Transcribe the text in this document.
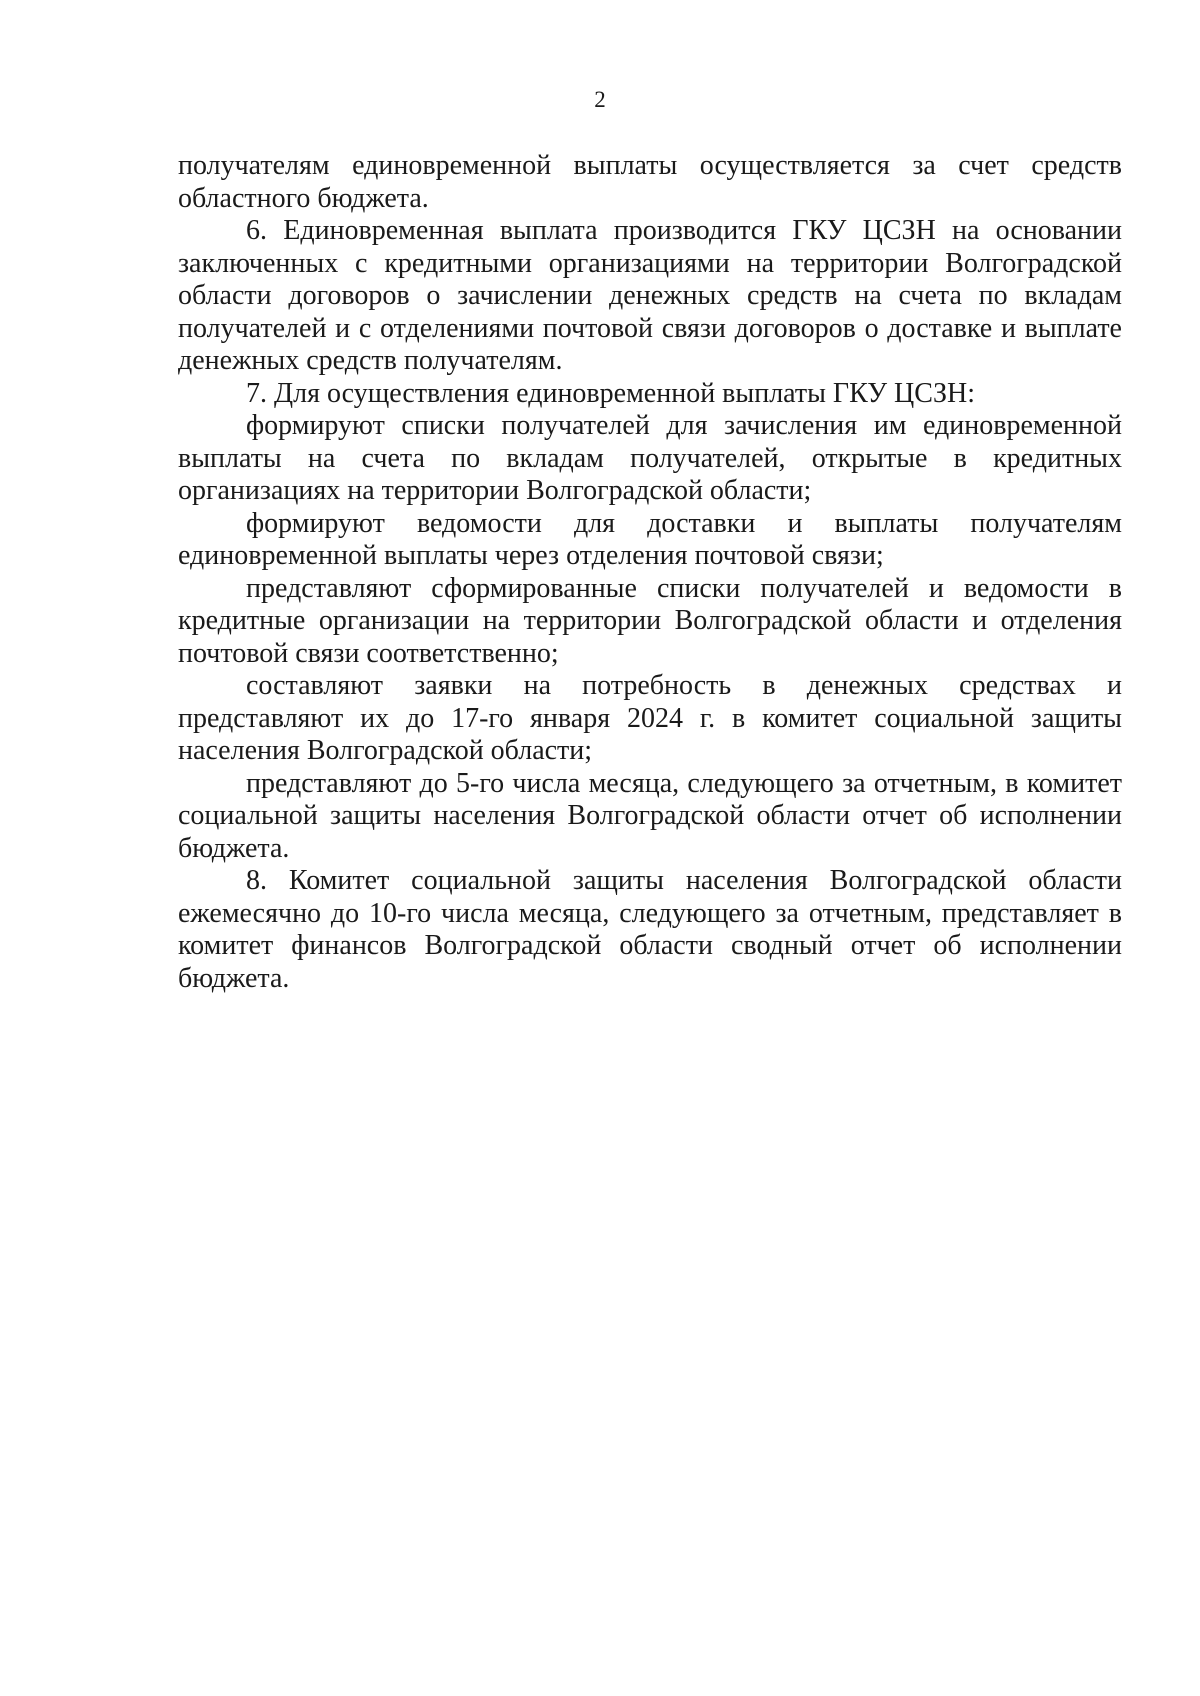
2

получателям единовременной выплаты осуществляется за счет средств областного бюджета.

6. Единовременная выплата производится ГКУ ЦСЗН на основании заключенных с кредитными организациями на территории Волгоградской области договоров о зачислении денежных средств на счета по вкладам получателей и с отделениями почтовой связи договоров о доставке и выплате денежных средств получателям.

7. Для осуществления единовременной выплаты ГКУ ЦСЗН:

формируют списки получателей для зачисления им единовременной выплаты на счета по вкладам получателей, открытые в кредитных организациях на территории Волгоградской области;

формируют ведомости для доставки и выплаты получателям единовременной выплаты через отделения почтовой связи;

представляют сформированные списки получателей и ведомости в кредитные организации на территории Волгоградской области и отделения почтовой связи соответственно;

составляют заявки на потребность в денежных средствах и представляют их до 17-го января 2024 г. в комитет социальной защиты населения Волгоградской области;

представляют до 5-го числа месяца, следующего за отчетным, в комитет социальной защиты населения Волгоградской области отчет об исполнении бюджета.

8. Комитет социальной защиты населения Волгоградской области ежемесячно до 10-го числа месяца, следующего за отчетным, представляет в комитет финансов Волгоградской области сводный отчет об исполнении бюджета.
